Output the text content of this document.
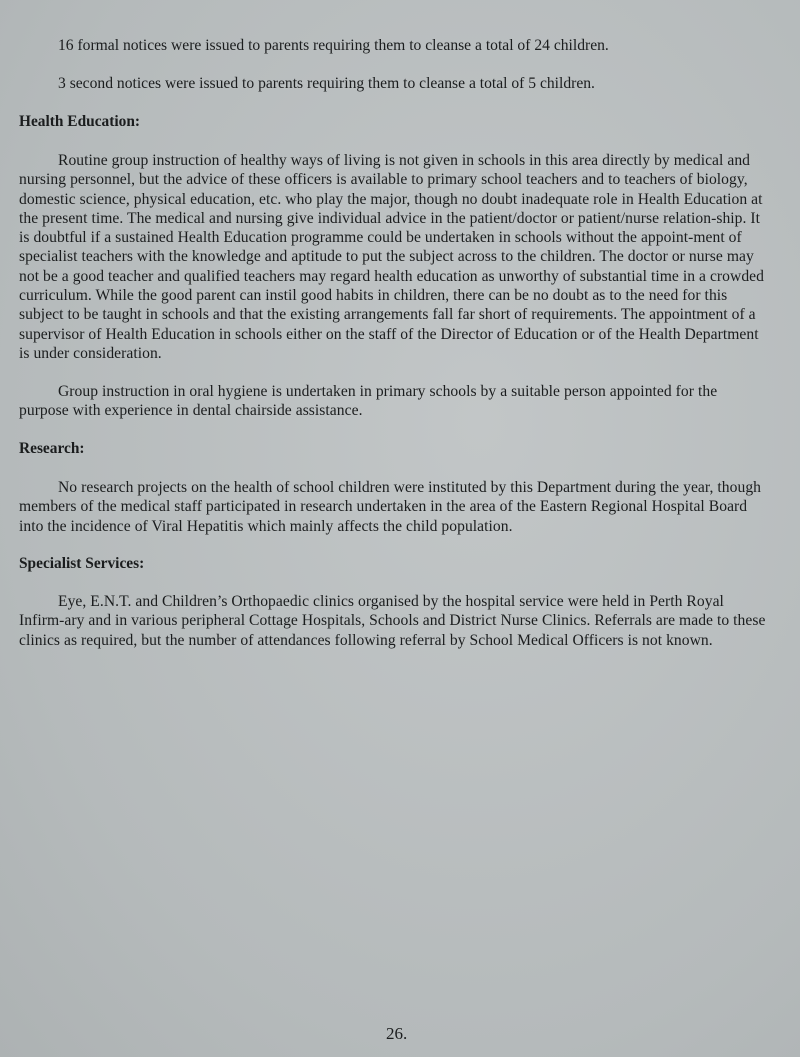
16 formal notices were issued to parents requiring them to cleanse a total of 24 children.

3 second notices were issued to parents requiring them to cleanse a total of 5 children.

Health Education:

Routine group instruction of healthy ways of living is not given in schools in this area directly by medical and nursing personnel, but the advice of these officers is available to primary school teachers and to teachers of biology, domestic science, physical education, etc. who play the major, though no doubt inadequate role in Health Education at the present time. The medical and nursing give individual advice in the patient/doctor or patient/nurse relation-ship. It is doubtful if a sustained Health Education programme could be undertaken in schools without the appoint-ment of specialist teachers with the knowledge and aptitude to put the subject across to the children. The doctor or nurse may not be a good teacher and qualified teachers may regard health education as unworthy of substantial time in a crowded curriculum. While the good parent can instil good habits in children, there can be no doubt as to the need for this subject to be taught in schools and that the existing arrangements fall far short of requirements. The appointment of a supervisor of Health Education in schools either on the staff of the Director of Education or of the Health Department is under consideration.

Group instruction in oral hygiene is undertaken in primary schools by a suitable person appointed for the purpose with experience in dental chairside assistance.

Research:

No research projects on the health of school children were instituted by this Department during the year, though members of the medical staff participated in research undertaken in the area of the Eastern Regional Hospital Board into the incidence of Viral Hepatitis which mainly affects the child population.

Specialist Services:

Eye, E.N.T. and Children’s Orthopaedic clinics organised by the hospital service were held in Perth Royal Infirm-ary and in various peripheral Cottage Hospitals, Schools and District Nurse Clinics. Referrals are made to these clinics as required, but the number of attendances following referral by School Medical Officers is not known.

26.
